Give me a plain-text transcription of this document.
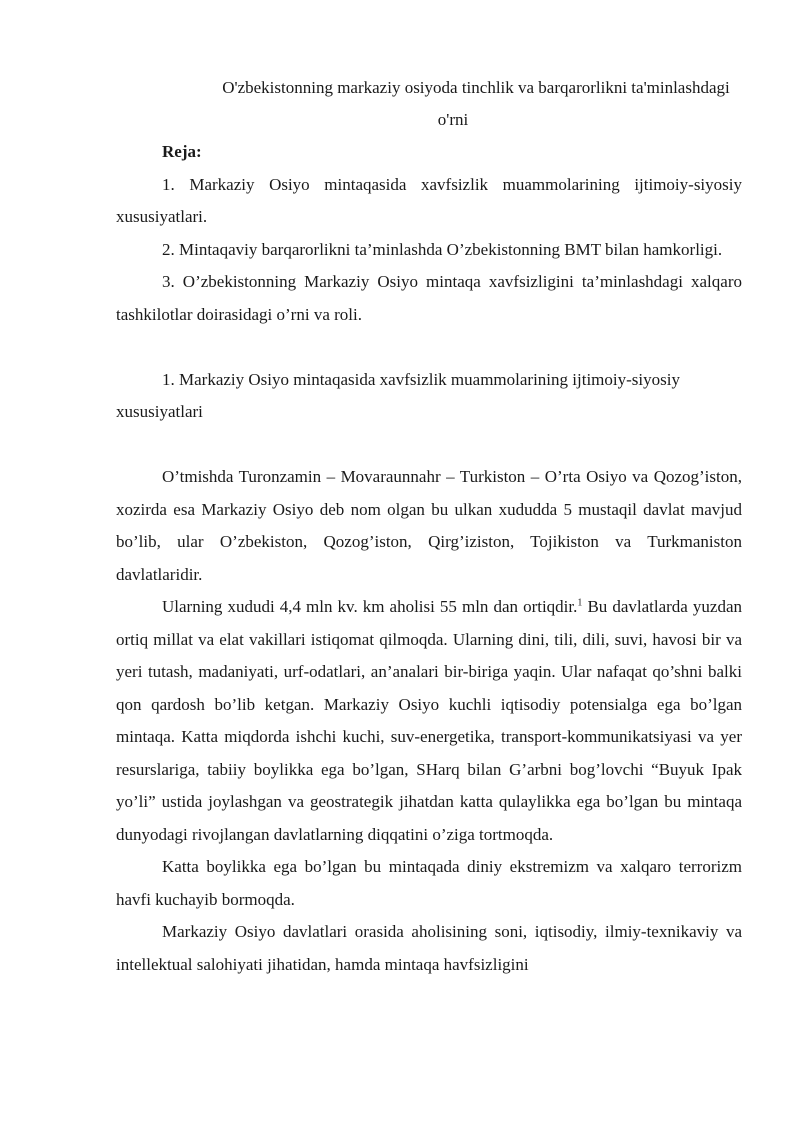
O'zbekistonning markaziy osiyoda tinchlik va barqarorlikni ta'minlashdagi o'rni

Reja:

1. Markaziy Osiyo mintaqasida xavfsizlik muammolarining ijtimoiy-siyosiy xususiyatlari.

2. Mintaqaviy barqarorlikni ta’minlashda O’zbekistonning BMT bilan hamkorligi.

3. O’zbekistonning Markaziy Osiyo mintaqa xavfsizligini ta’minlashdagi xalqaro tashkilotlar doirasidagi o’rni va roli.

1. Markaziy Osiyo mintaqasida xavfsizlik muammolarining ijtimoiy-siyosiy xususiyatlari

O’tmishda Turonzamin – Movaraunnahr – Turkiston – O’rta Osiyo va Qozog’iston, xozirda esa Markaziy Osiyo deb nom olgan bu ulkan xududda 5 mustaqil davlat mavjud bo’lib, ular O’zbekiston, Qozog’iston, Qirg’iziston, Tojikiston va Turkmaniston davlatlaridir.

Ularning xududi 4,4 mln kv. km aholisi 55 mln dan ortiqdir.$^1$ Bu davlatlarda yuzdan ortiq millat va elat vakillari istiqomat qilmoqda. Ularning dini, tili, dili, suvi, havosi bir va yeri tutash, madaniyati, urf-odatlari, an’analari bir-biriga yaqin. Ular nafaqat qo’shni balki qon qardosh bo’lib ketgan. Markaziy Osiyo kuchli iqtisodiy potensialga ega bo’lgan mintaqa. Katta miqdorda ishchi kuchi, suv-energetika, transport-kommunikatsiyasi va yer resurslariga, tabiiy boylikka ega bo’lgan, SHarq bilan G’arbni bog’lovchi “Buyuk Ipak yo’li” ustida joylashgan va geostrategik jihatdan katta qulaylikka ega bo’lgan bu mintaqa dunyodagi rivojlangan davlatlarning diqqatini o’ziga tortmoqda.

Katta boylikka ega bo’lgan bu mintaqada diniy ekstremizm va xalqaro terrorizm havfi kuchayib bormoqda.

Markaziy Osiyo davlatlari orasida aholisining soni, iqtisodiy, ilmiy-texnikaviy va intellektual salohiyati jihatidan, hamda mintaqa havfsizligini
